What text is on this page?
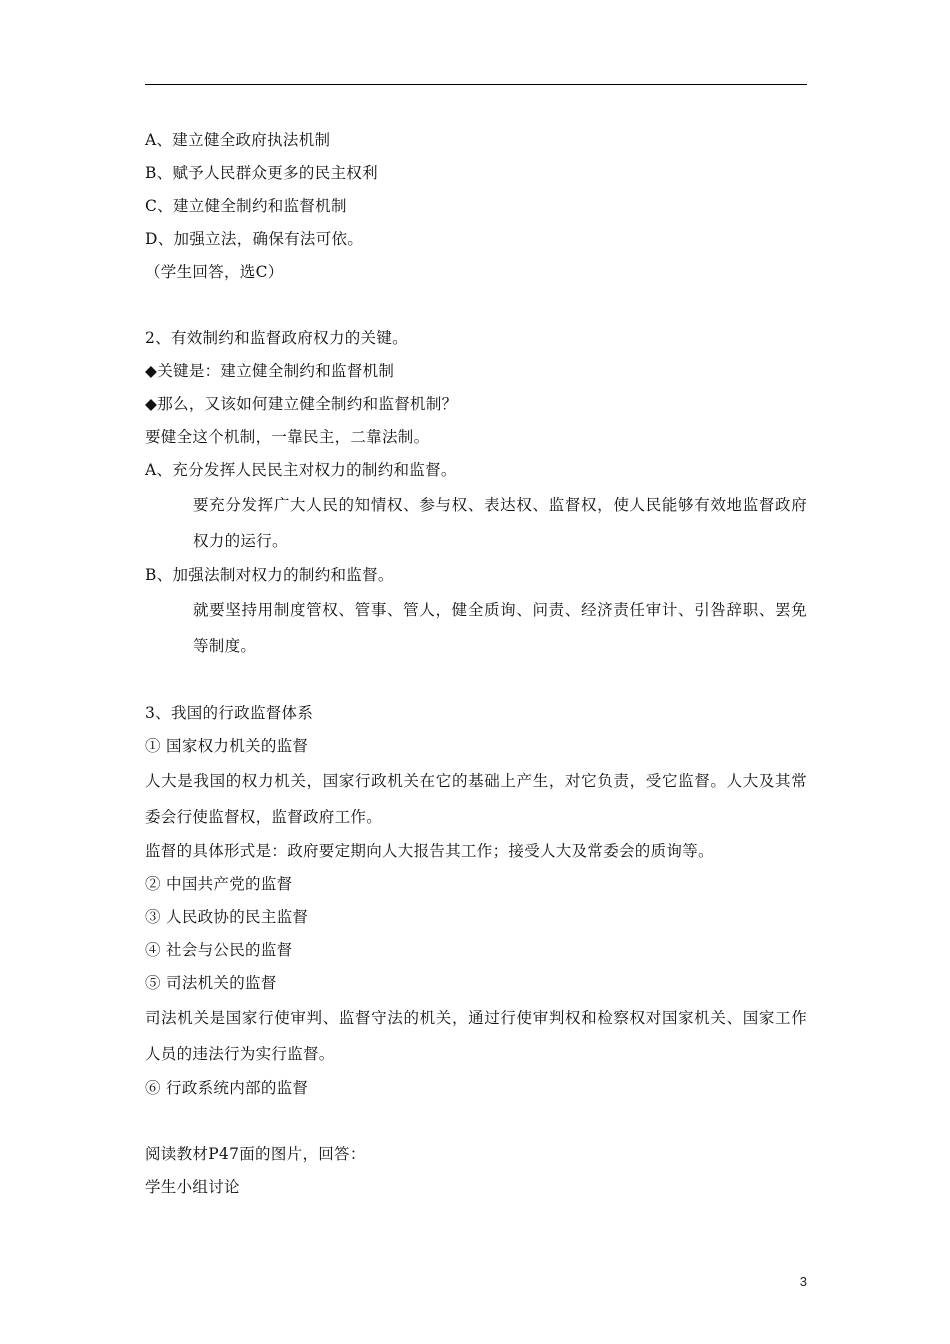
A、建立健全政府执法机制
B、赋予人民群众更多的民主权利
C、建立健全制约和监督机制
D、加强立法，确保有法可依。
（学生回答，选C）
2、有效制约和监督政府权力的关键。
◆关键是：建立健全制约和监督机制
◆那么，又该如何建立健全制约和监督机制？
要健全这个机制，一靠民主，二靠法制。
A、充分发挥人民民主对权力的制约和监督。
要充分发挥广大人民的知情权、参与权、表达权、监督权，使人民能够有效地监督政府权力的运行。
B、加强法制对权力的制约和监督。
就要坚持用制度管权、管事、管人，健全质询、问责、经济责任审计、引咎辞职、罢免等制度。
3、我国的行政监督体系
① 国家权力机关的监督
人大是我国的权力机关，国家行政机关在它的基础上产生，对它负责，受它监督。人大及其常委会行使监督权，监督政府工作。
监督的具体形式是：政府要定期向人大报告其工作；接受人大及常委会的质询等。
② 中国共产党的监督
③ 人民政协的民主监督
④ 社会与公民的监督
⑤ 司法机关的监督
司法机关是国家行使审判、监督守法的机关，通过行使审判权和检察权对国家机关、国家工作人员的违法行为实行监督。
⑥ 行政系统内部的监督
阅读教材P47面的图片，回答：
学生小组讨论
3
